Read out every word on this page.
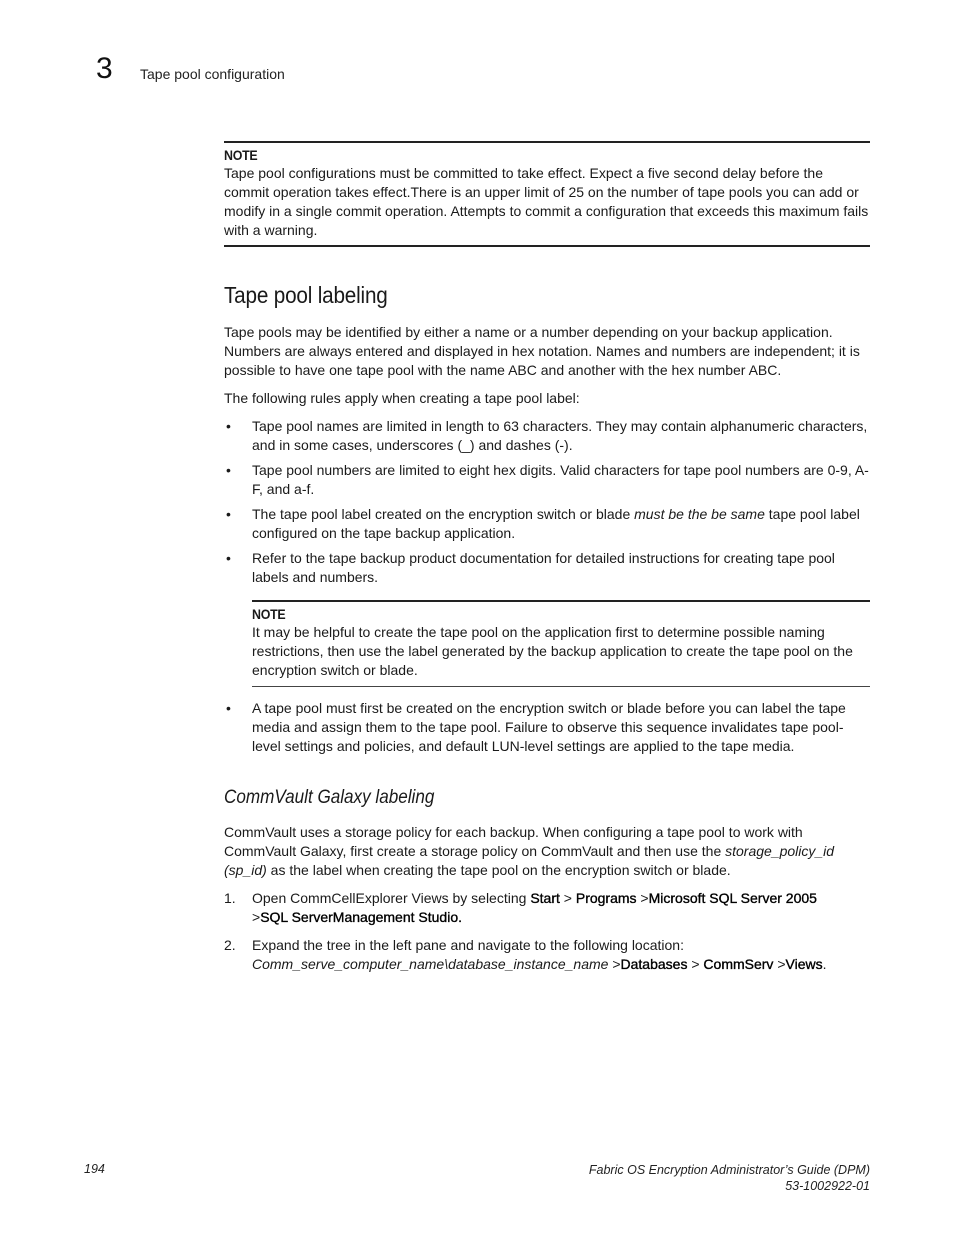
3 Tape pool configuration
NOTE

Tape pool configurations must be committed to take effect. Expect a five second delay before the commit operation takes effect.There is an upper limit of 25 on the number of tape pools you can add or modify in a single commit operation. Attempts to commit a configuration that exceeds this maximum fails with a warning.

Tape pool labeling

Tape pools may be identified by either a name or a number depending on your backup application. Numbers are always entered and displayed in hex notation. Names and numbers are independent; it is possible to have one tape pool with the name ABC and another with the hex number ABC.

The following rules apply when creating a tape pool label:

• Tape pool names are limited in length to 63 characters. They may contain alphanumeric characters, and in some cases, underscores (_) and dashes (-).
• Tape pool numbers are limited to eight hex digits. Valid characters for tape pool numbers are 0-9, A-F, and a-f.
• The tape pool label created on the encryption switch or blade must be the be same tape pool label configured on the tape backup application.
• Refer to the tape backup product documentation for detailed instructions for creating tape pool labels and numbers.
NOTE

It may be helpful to create the tape pool on the application first to determine possible naming restrictions, then use the label generated by the backup application to create the tape pool on the encryption switch or blade.

• A tape pool must first be created on the encryption switch or blade before you can label the tape media and assign them to the tape pool. Failure to observe this sequence invalidates tape pool-level settings and policies, and default LUN-level settings are applied to the tape media.
CommVault Galaxy labeling

CommVault uses a storage policy for each backup. When configuring a tape pool to work with CommVault Galaxy, first create a storage policy on CommVault and then use the storage_policy_id (sp_id) as the label when creating the tape pool on the encryption switch or blade.

1. Open CommCellExplorer Views by selecting Start > Programs >Microsoft SQL Server 2005
>SQL ServerManagement Studio.
2. Expand the tree in the left pane and navigate to the following location:
Comm_serve_computer_name\database_instance_name >Databases > CommServ >Views.
194	Fabric OS Encryption Administrator’s Guide (DPM)
53-1002922-01
